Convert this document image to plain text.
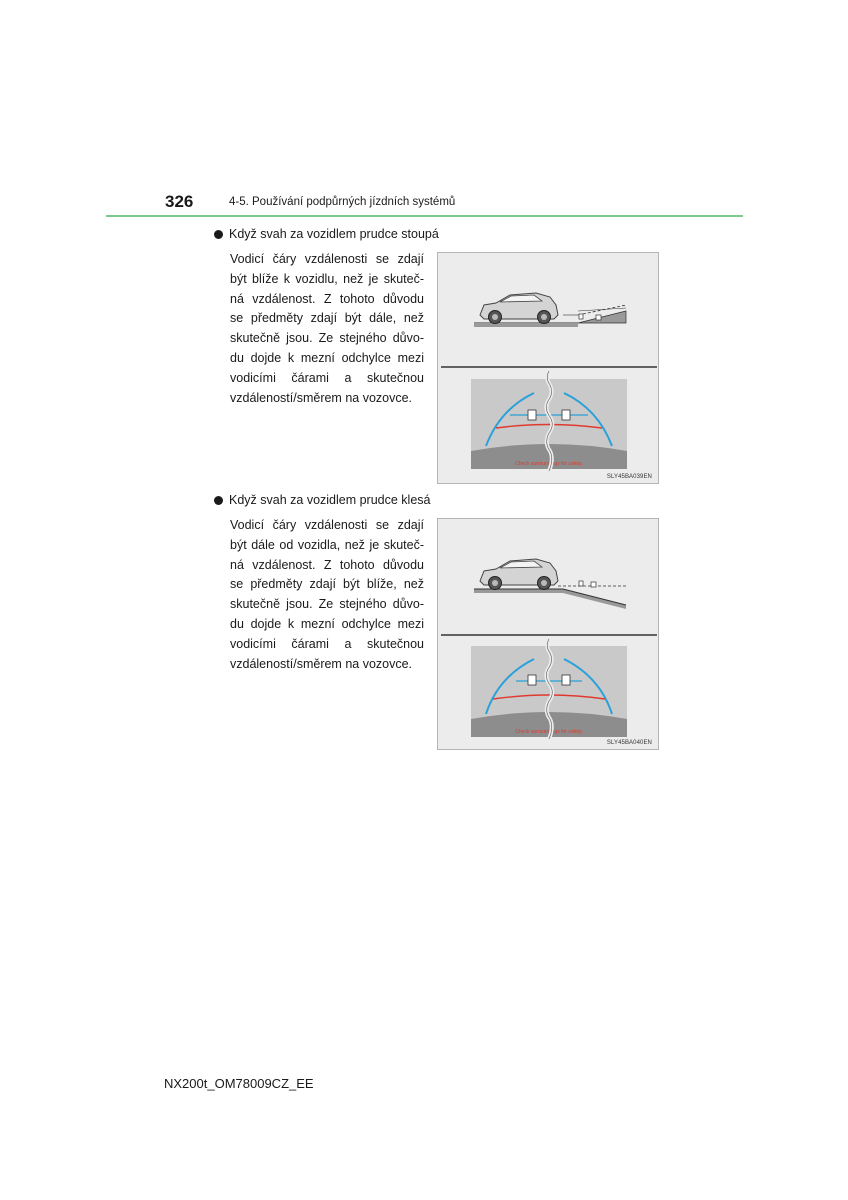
326	4-5. Používání podpůrných jízdních systémů
Když svah za vozidlem prudce stoupá
Vodicí čáry vzdálenosti se zdají
být blíže k vozidlu, než je skuteč-
ná vzdálenost. Z tohoto důvodu
se předměty zdají být dále, než
skutečně jsou. Ze stejného důvo-
du dojde k mezní odchylce mezi
vodicími čárami a skutečnou
vzdáleností/směrem na vozovce.
Check surroundings for safety.
SLY45BA039EN
Když svah za vozidlem prudce klesá
Vodicí čáry vzdálenosti se zdají
být dále od vozidla, než je skuteč-
ná vzdálenost. Z tohoto důvodu
se předměty zdají být blíže, než
skutečně jsou. Ze stejného důvo-
du dojde k mezní odchylce mezi
vodicími čárami a skutečnou
vzdáleností/směrem na vozovce.
Check surroundings for safety.
SLY45BA040EN
NX200t_OM78009CZ_EE
